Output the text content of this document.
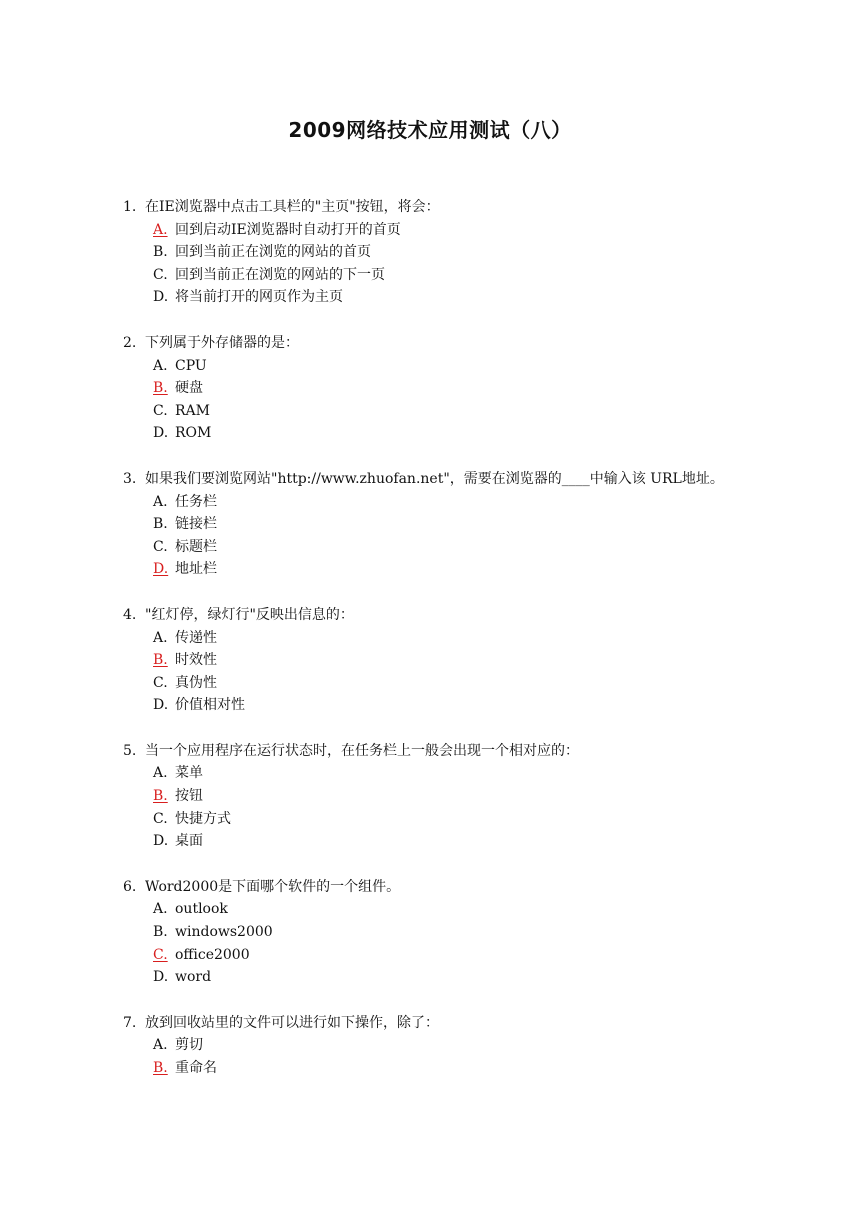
2009网络技术应用测试（八）
1. 在IE浏览器中点击工具栏的"主页"按钮，将会：
A. 回到启动IE浏览器时自动打开的首页
B. 回到当前正在浏览的网站的首页
C. 回到当前正在浏览的网站的下一页
D. 将当前打开的网页作为主页
2. 下列属于外存储器的是：
A. CPU
B. 硬盘
C. RAM
D. ROM
3. 如果我们要浏览网站"http://www.zhuofan.net"，需要在浏览器的____中输入该 URL地址。
A. 任务栏
B. 链接栏
C. 标题栏
D. 地址栏
4. "红灯停，绿灯行"反映出信息的：
A. 传递性
B. 时效性
C. 真伪性
D. 价值相对性
5. 当一个应用程序在运行状态时，在任务栏上一般会出现一个相对应的：
A. 菜单
B. 按钮
C. 快捷方式
D. 桌面
6. Word2000是下面哪个软件的一个组件。
A. outlook
B. windows2000
C. office2000
D. word
7. 放到回收站里的文件可以进行如下操作，除了：
A. 剪切
B. 重命名
